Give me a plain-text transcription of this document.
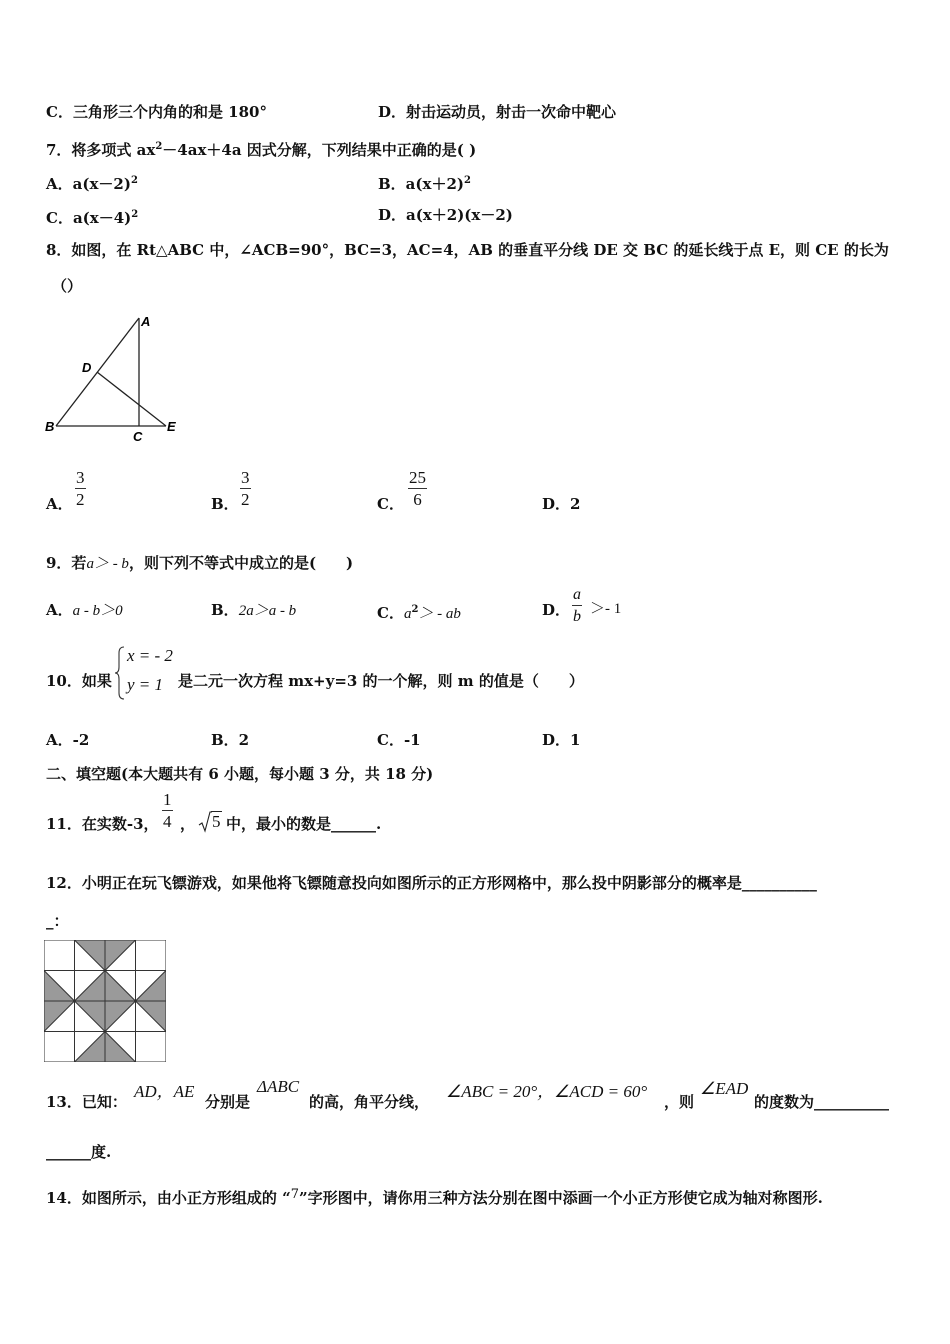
C．三角形三个内角的和是 180°	D．射击运动员，射击一次命中靶心
7．将多项式 $ax^2-4ax+4a$ 因式分解，下列结果中正确的是( )
A．$a(x-2)^2$	B．$a(x+2)^2$
C．$a(x-4)^2$	D．a(x＋2)(x－2)
8．如图，在 Rt△ABC 中，∠ACB=90°，BC=3，AC=4，AB 的垂直平分线 DE 交 BC 的延长线于点 E，则 CE 的长为
（）
A
D
B
C
E
A． $\frac{3}{2}$	B． $\frac{3}{2}$	C． $\frac{25}{6}$	D．2
9．若a＞ - b，则下列不等式中成立的是(　　)
A．a - b＞0	B．2a＞a - b	C．$a^2>$ - ab	D． $\frac{a}{b} >- 1$
10．如果
x = - 2
y = 1 是二元一次方程 mx+y=3 的一个解，则 m 的值是（　　）
A．-2	B．2	C．-1	D．1
二、填空题(本大题共有 6 小题，每小题 3 分，共 18 分)
11．在实数-3， $\frac{1}{4}$ ， 5 中，最小的数是______.
12．小明正在玩飞镖游戏，如果他将飞镖随意投向如图所示的正方形网格中，那么投中阴影部分的概率是__________
_：
13．已知：
AD，AE
分别是
ΔABC
的高，角平分线，
∠ABC = 20°，∠ACD = 60°
，则
∠EAD
的度数为__________
______度.
14．如图所示，由小正方形组成的 “7”字形图中，请你用三种方法分别在图中添画一个小正方形使它成为轴对称图形.
